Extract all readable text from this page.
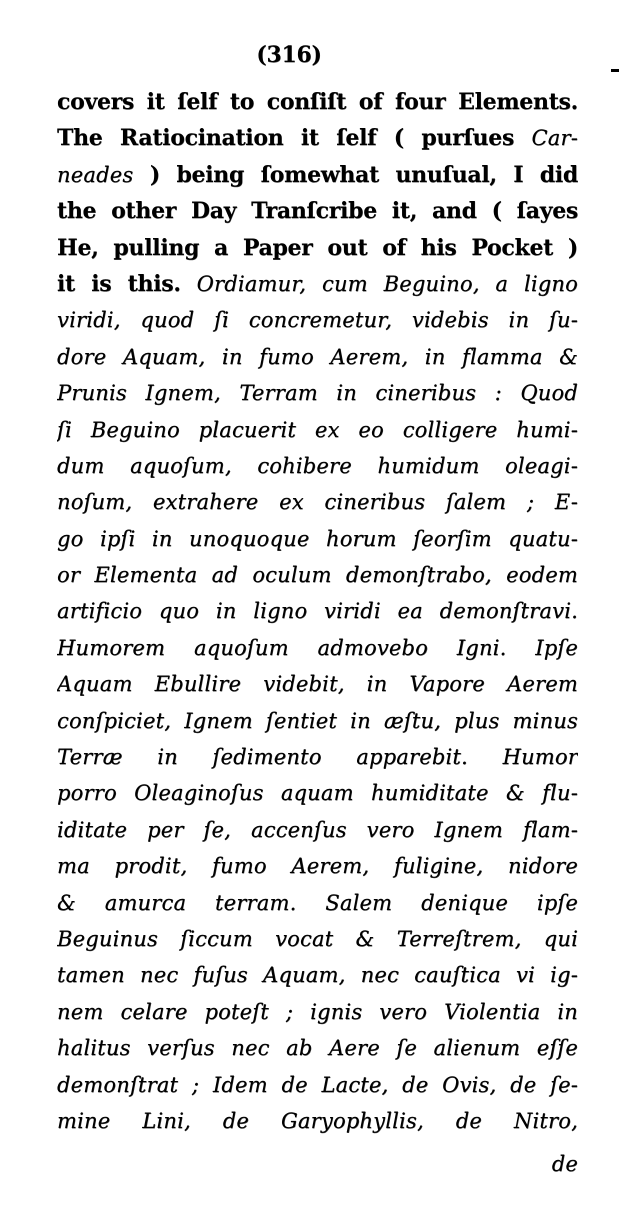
(316)
covers it ſelf to conſiſt of four Elements.
The Ratiocination it ſelf ( purſues Car-
neades ) being ſomewhat unuſual, I did
the other Day Tranſcribe it, and ( ſayes
He, pulling a Paper out of his Pocket )
it is this. Ordiamur, cum Beguino, a ligno
viridi, quod ſi concremetur, videbis in ſu-
dore Aquam, in fumo Aerem, in flamma &
Prunis Ignem, Terram in cineribus : Quod
ſi Beguino placuerit ex eo colligere humi-
dum aquoſum, cohibere humidum oleagi-
noſum, extrahere ex cineribus ſalem ; E-
go ipſi in unoquoque horum ſeorſim quatu-
or Elementa ad oculum demonſtrabo, eodem
artificio quo in ligno viridi ea demonſtravi.
Humorem aquoſum admovebo Igni. Ipſe
Aquam Ebullire videbit, in Vapore Aerem
conſpiciet, Ignem ſentiet in æſtu, plus minus
Terræ in ſedimento apparebit. Humor
porro Oleaginoſus aquam humiditate & flu-
iditate per ſe, accenſus vero Ignem flam-
ma prodit, fumo Aerem, fuligine, nidore
& amurca terram. Salem denique ipſe
Beguinus ſiccum vocat & Terreſtrem, qui
tamen nec fuſus Aquam, nec cauſtica vi ig-
nem celare poteſt ; ignis vero Violentia in
halitus verſus nec ab Aere ſe alienum eſſe
demonſtrat ; Idem de Lacte, de Ovis, de ſe-
mine Lini, de Garyophyllis, de Nitro,
de
